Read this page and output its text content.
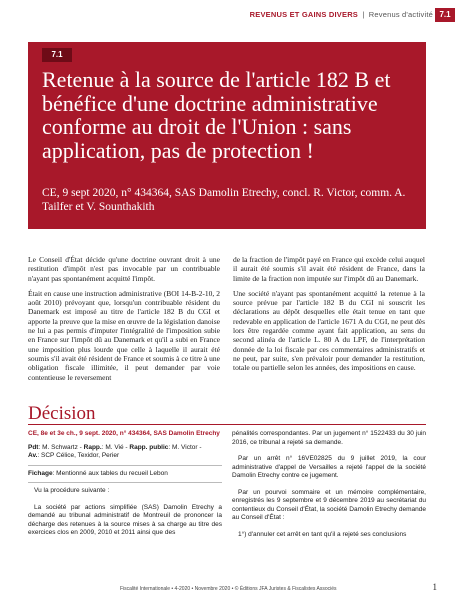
REVENUS ET GAINS DIVERS | Revenus d'activité 7.1
7.1
Retenue à la source de l'article 182 B et bénéfice d'une doctrine administrative conforme au droit de l'Union : sans application, pas de protection !
CE, 9 sept 2020, n° 434364, SAS Damolin Etrechy, concl. R. Victor, comm. A. Tailfer et V. Sounthakith

Le Conseil d'État décide qu'une doctrine ouvrant droit à une restitution d'impôt n'est pas invocable par un contribuable n'ayant pas spontanément acquitté l'impôt.

Était en cause une instruction administrative (BOI 14-B-2-10, 2 août 2010) prévoyant que, lorsqu'un contribuable résident du Danemark est imposé au titre de l'article 182 B du CGI et apporte la preuve que la mise en œuvre de la législation danoise ne lui a pas permis d'imputer l'intégralité de l'imposition subie en France sur l'impôt dû au Danemark et qu'il a subi en France une imposition plus lourde que celle à laquelle il aurait été soumis s'il avait été résident de France et soumis à ce titre à une obligation fiscale illimitée, il peut demander par voie contentieuse le reversement

de la fraction de l'impôt payé en France qui excède celui auquel il aurait été soumis s'il avait été résident de France, dans la limite de la fraction non imputée sur l'impôt dû au Danemark.

Une société n'ayant pas spontanément acquitté la retenue à la source prévue par l'article 182 B du CGI ni souscrit les déclarations au dépôt desquelles elle était tenue en tant que redevable en application de l'article 1671 A du CGI, ne peut dès lors être regardée comme ayant fait application, au sens du second alinéa de l'article L. 80 A du LPF, de l'interprétation donnée de la loi fiscale par ces commentaires administratifs et ne peut, par suite, s'en prévaloir pour demander la restitution, totale ou partielle selon les années, des impositions en cause.

Décision

CE, 8e et 3e ch., 9 sept. 2020, n° 434364, SAS Damolin Etrechy

Pdt: M. Schwartz - Rapp.: M. Vié - Rapp. public: M. Victor -
Av.: SCP Célice, Texidor, Perier

Fichage: Mentionné aux tables du recueil Lebon

Vu la procédure suivante :

La société par actions simplifiée (SAS) Damolin Etrechy a demandé au tribunal administratif de Montreuil de prononcer la décharge des retenues à la source mises à sa charge au titre des exercices clos en 2009, 2010 et 2011 ainsi que des

pénalités correspondantes. Par un jugement n° 1522433 du 30 juin 2016, ce tribunal a rejeté sa demande.

Par un arrêt n° 16VE02825 du 9 juillet 2019, la cour administrative d'appel de Versailles a rejeté l'appel de la société Damolin Etrechy contre ce jugement.

Par un pourvoi sommaire et un mémoire complémentaire, enregistrés les 9 septembre et 9 décembre 2019 au secrétariat du contentieux du Conseil d'État, la société Damolin Etrechy demande au Conseil d'État :

1°) d'annuler cet arrêt en tant qu'il a rejeté ses conclusions

Fiscalité Internationale • 4-2020 • Novembre 2020 • © Éditions JFA Juristes & Fiscalistes Associés	1
